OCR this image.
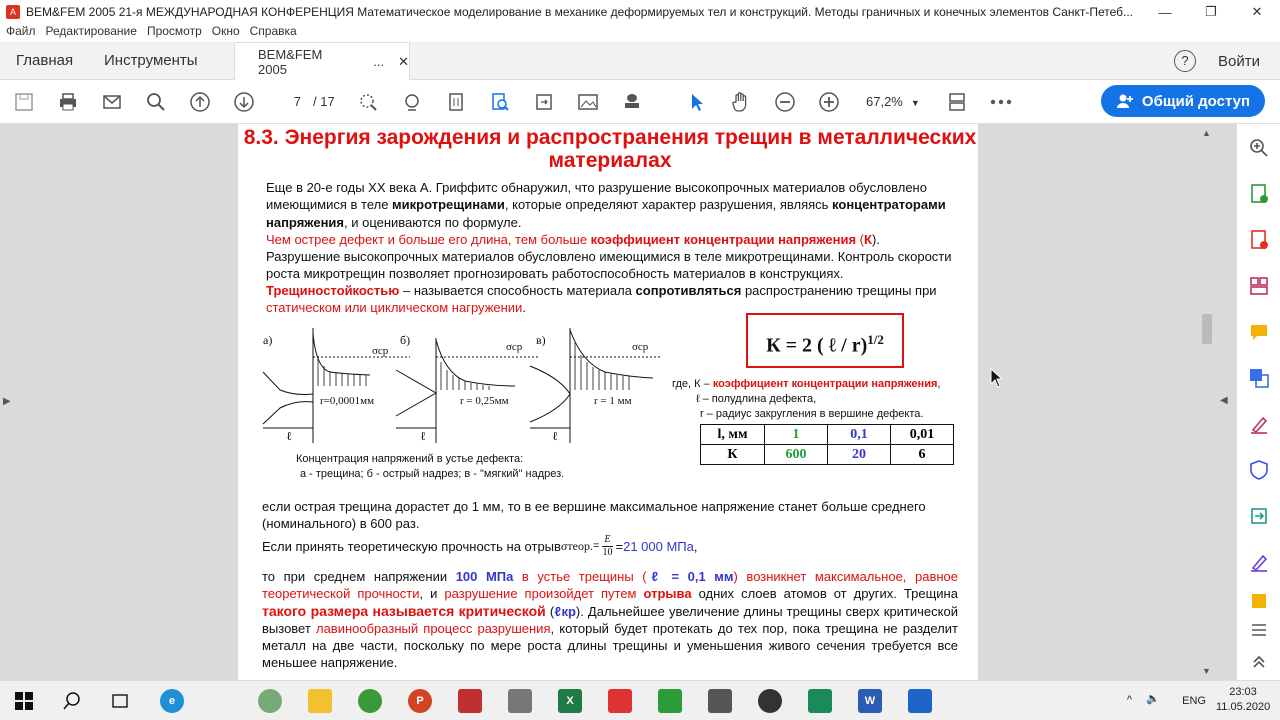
A BEM&FEM 2005 21-я МЕЖДУНАРОДНАЯ КОНФЕРЕНЦИЯ Математическое моделирование в механике деформируемых тел и конструкций. Методы граничных и конечных элементов Санкт-Петеб...	—	❐	✕
Файл Редактирование Просмотр Окно Справка
Главная Инструменты	BEM&FEM 2005	... ✕	?	Войти
7 / 17	67,2% ▼	Общий доступ
▶	◀
▲
▼
8.3. Энергия зарождения и распространения трещин в металлических материалах
Еще в 20-е годы XX века А. Гриффитс обнаружил, что разрушение высокопрочных материалов обусловлено имеющимися в теле микротрещинами, которые определяют характер разрушения, являясь концентраторами напряжения, и оцениваются по формуле.
Чем острее дефект и больше его длина, тем больше коэффициент концентрации напряжения (К).
Разрушение высокопрочных материалов обусловлено имеющимися в теле микротрещинами. Контроль скорости роста микротрещин позволяет прогнозировать работоспособность материалов в конструкциях.
Трещиностойкостью – называется способность материала сопротивляться распространению трещины при статическом или циклическом нагружении.
а)	б)	в)
σср	σср	σср
r=0,0001мм	r = 0,25мм	r = 1 мм
ℓ	ℓ	ℓ
Концентрация напряжений в устье дефекта:
а - трещина; б - острый надрез; в - "мягкий" надрез.
К = 2 ( ℓ / r)$^{1/2}$
где, К – коэффициент концентрации напряжения,
ℓ – полудлина дефекта,
r – радиус закругления в вершине дефекта.
l, мм	1	0,1	0,01
К	600	20	6
если острая трещина дорастет до 1 мм, то в ее вершине максимальное напряжение станет больше среднего (номинального) в 600 раз.
Если принять теоретическую прочность на отрыв σтеор. = $\frac{E}{10} = 21$ 000 МПа ,
то при среднем напряжении 100 МПа в устье трещины (ℓ = 0,1 мм) возникнет максимальное, равное теоретической прочности, и разрушение произойдет путем отрыва одних слоев атомов от других. Трещина такого размера называется критической (ℓкр). Дальнейшее увеличение длины трещины сверх критической вызовет лавинообразный процесс разрушения, который будет протекать до тех пор, пока трещина не разделит металл на две части, поскольку по мере роста длины трещины и уменьшения живого сечения требуется все меньшее напряжение.
e	P	X	W	^ 🔈 ENG
23:03
11.05.2020
